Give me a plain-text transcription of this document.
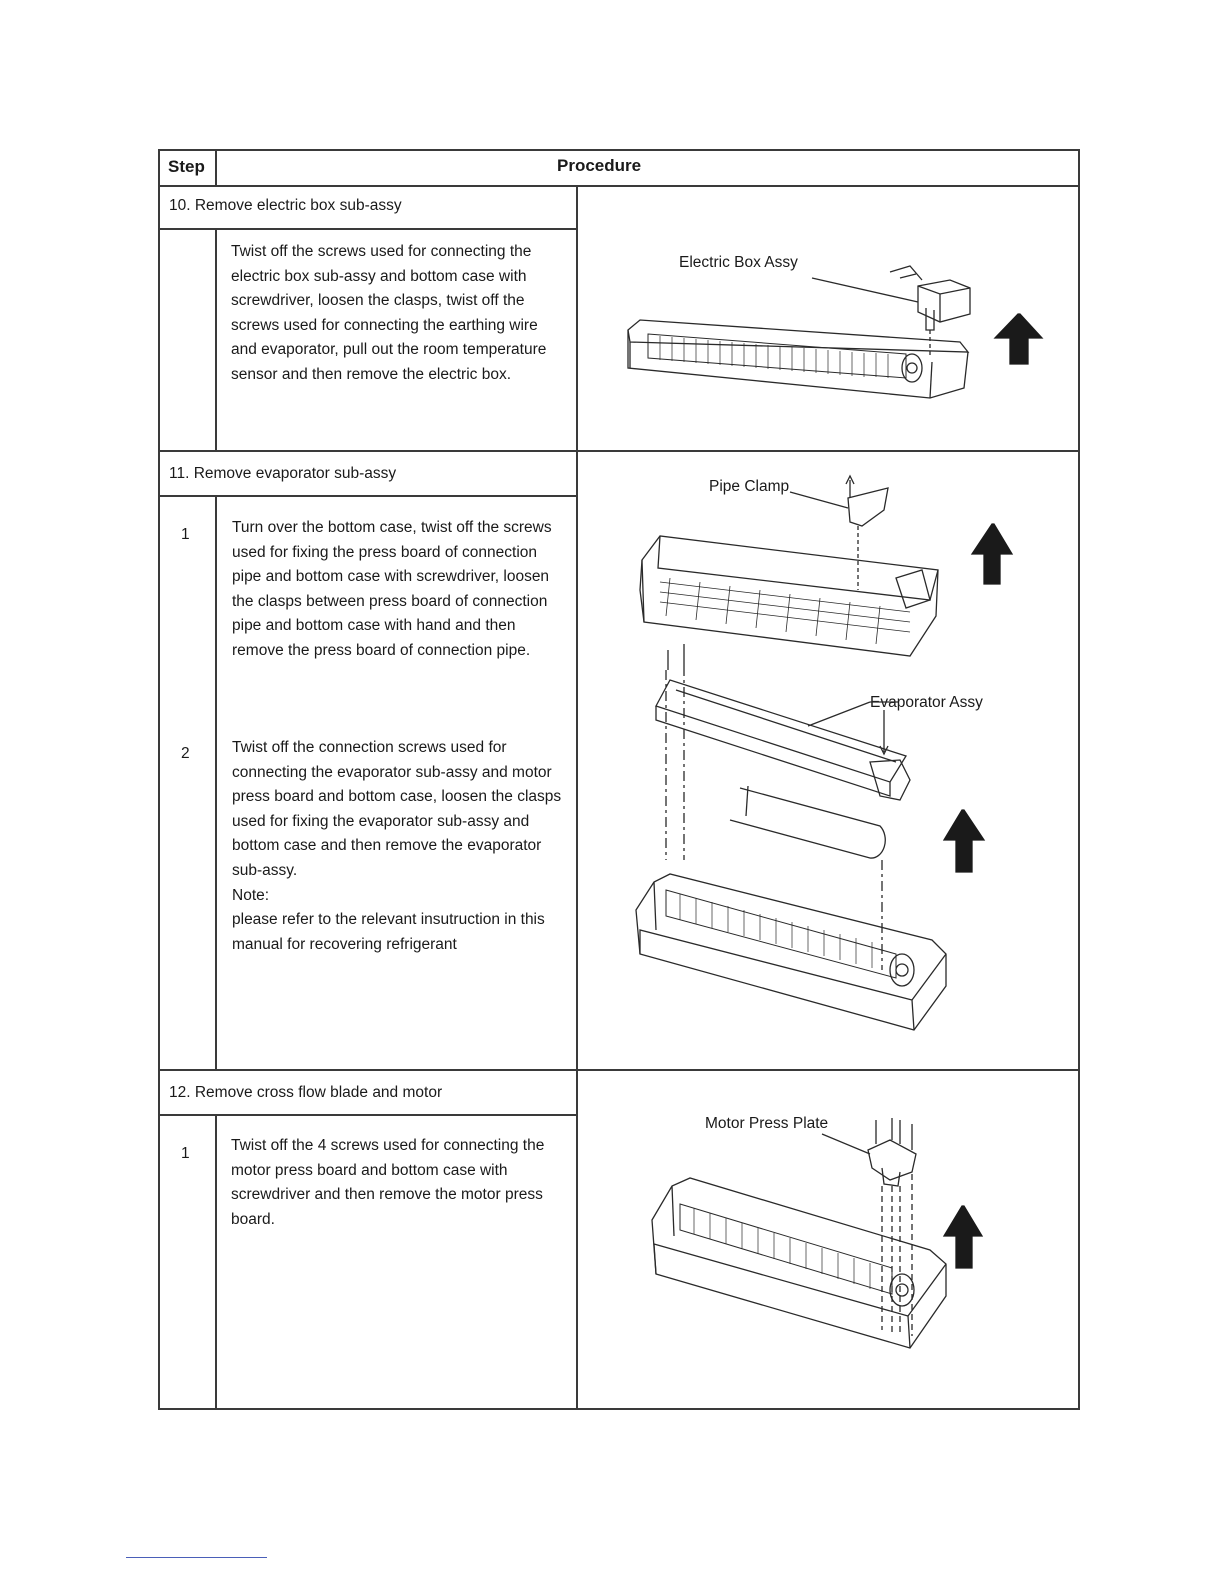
Step	Procedure
10. Remove electric box sub-assy
Twist off the screws used for connecting the
electric box sub-assy and bottom case with
screwdriver, loosen the clasps, twist off the
screws used for connecting the earthing wire
and evaporator, pull out the room temperature
sensor and then remove the electric box.
Electric Box Assy
11. Remove evaporator sub-assy
1	Turn over the bottom case, twist off the screws
used for fixing the press board of connection
pipe and bottom case with screwdriver, loosen
the clasps between press board of connection
pipe and bottom case with hand and then
remove the press board of connection pipe.
2	Twist off the connection screws used for
connecting the evaporator sub-assy and motor
press board and bottom case, loosen the clasps
used for fixing the evaporator sub-assy and
bottom case and then remove the evaporator
sub-assy.
Note:
please refer to the relevant insutruction in this
manual for recovering refrigerant
Pipe Clamp
Evaporator Assy
12. Remove cross flow blade and motor
1	Twist off the 4 screws used for connecting the
motor press board and bottom case with
screwdriver and then remove the motor press
board.
Motor Press Plate
